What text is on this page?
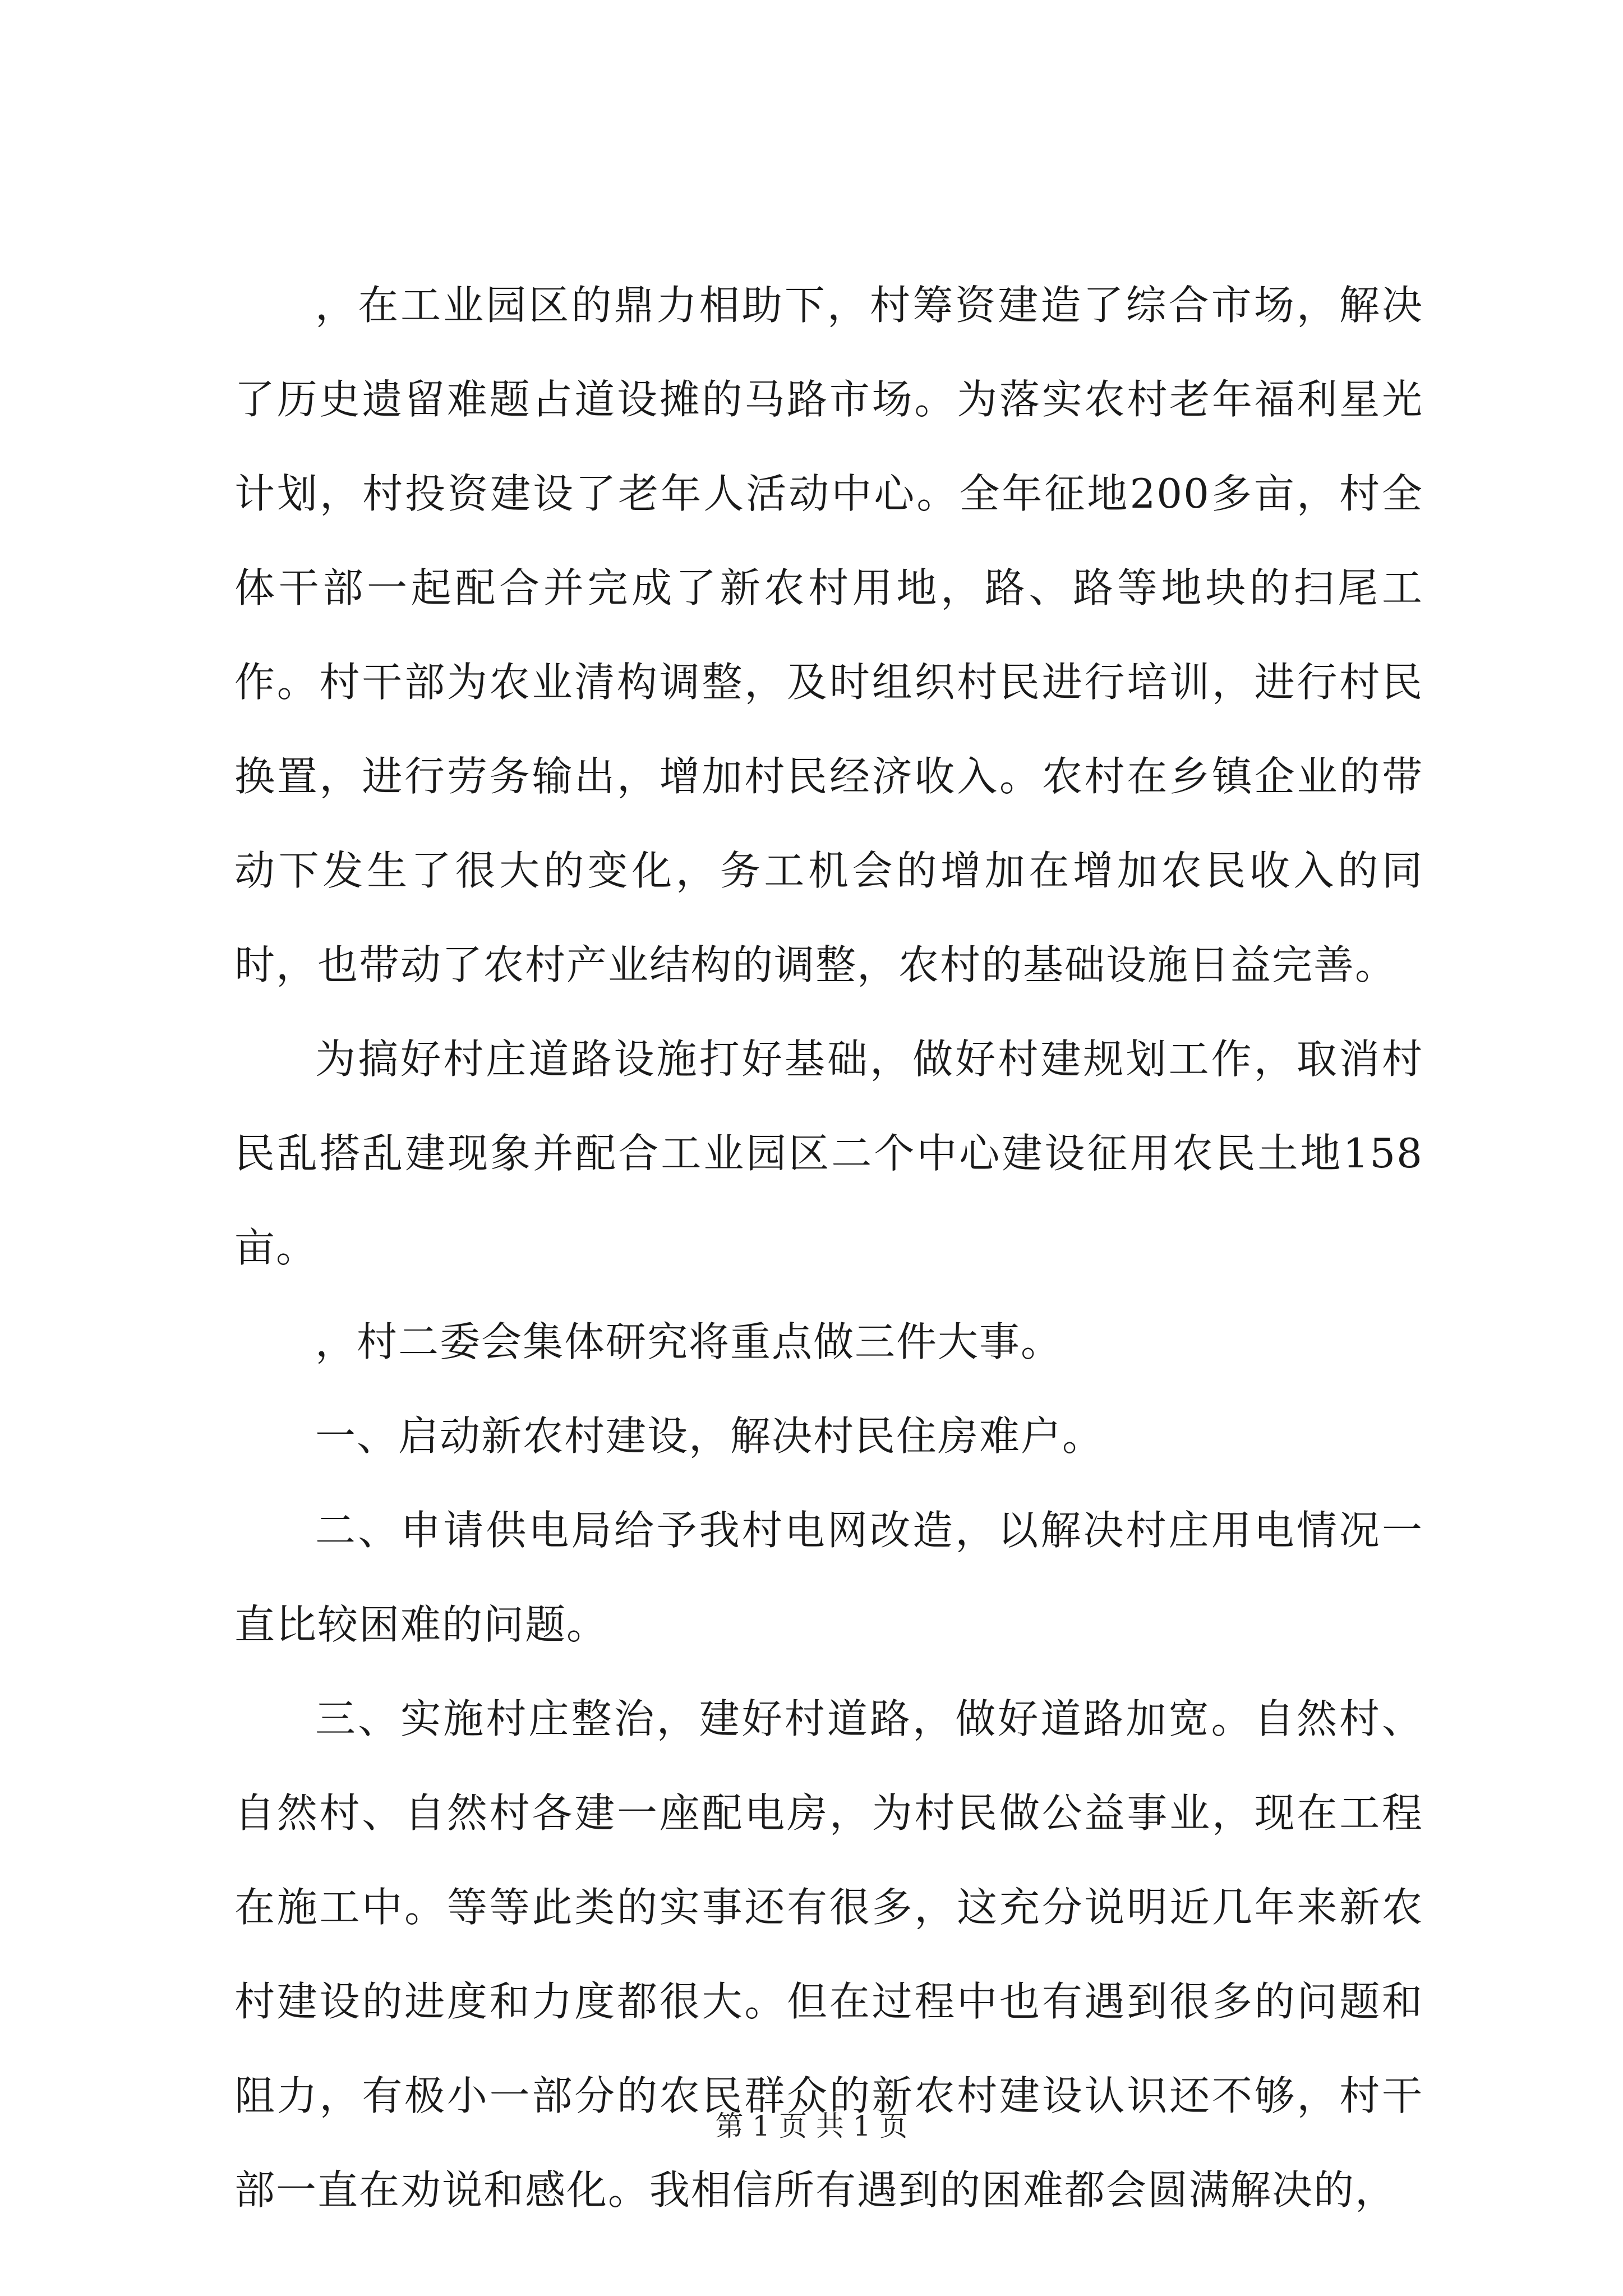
，在工业园区的鼎力相助下，村筹资建造了综合市场，解决了历史遗留难题占道设摊的马路市场。为落实农村老年福利星光计划，村投资建设了老年人活动中心。全年征地200多亩，村全体干部一起配合并完成了新农村用地，路、路等地块的扫尾工作。村干部为农业清构调整，及时组织村民进行培训，进行村民换置，进行劳务输出，增加村民经济收入。农村在乡镇企业的带动下发生了很大的变化，务工机会的增加在增加农民收入的同时，也带动了农村产业结构的调整，农村的基础设施日益完善。

为搞好村庄道路设施打好基础，做好村建规划工作，取消村民乱搭乱建现象并配合工业园区二个中心建设征用农民土地158亩。

，村二委会集体研究将重点做三件大事。

一、启动新农村建设，解决村民住房难户。

二、申请供电局给予我村电网改造，以解决村庄用电情况一直比较困难的问题。

三、实施村庄整治，建好村道路，做好道路加宽。自然村、自然村、自然村各建一座配电房，为村民做公益事业，现在工程在施工中。等等此类的实事还有很多，这充分说明近几年来新农村建设的进度和力度都很大。但在过程中也有遇到很多的问题和阻力，有极小一部分的农民群众的新农村建设认识还不够，村干部一直在劝说和感化。我相信所有遇到的困难都会圆满解决的，

第 1 页 共 1 页
